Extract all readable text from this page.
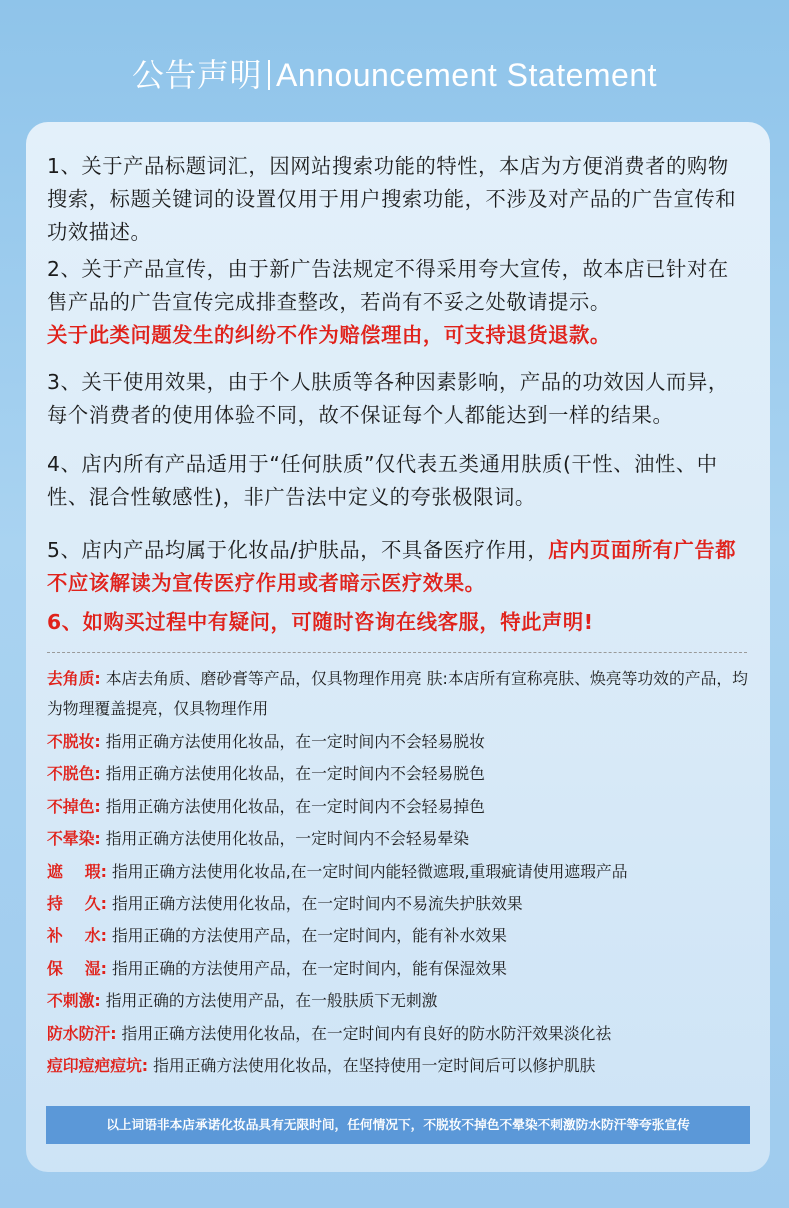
公告声明 Announcement Statement
1、关于产品标题词汇，因网站搜索功能的特性，本店为方便消费者的购物搜索，标题关键词的设置仅用于用户搜索功能，不涉及对产品的广告宣传和功效描述。
2、关于产品宣传，由于新广告法规定不得采用夸大宣传，故本店已针对在售产品的广告宣传完成排查整改，若尚有不妥之处敬请提示。
关于此类问题发生的纠纷不作为赔偿理由，可支持退货退款。
3、关干使用效果，由于个人肤质等各种因素影响，产品的功效因人而异，每个消费者的使用体验不同，故不保证每个人都能达到一样的结果。
4、店内所有产品适用于“任何肤质”仅代表五类通用肤质(干性、油性、中性、混合性敏感性)，非广告法中定义的夸张极限词。
5、店内产品均属于化妆品/护肤品，不具备医疗作用，店内页面所有广告都不应该解读为宣传医疗作用或者暗示医疗效果。
6、如购买过程中有疑问，可随时咨询在线客服，特此声明!
去角质: 本店去角质、磨砂膏等产品，仅具物理作用亮 肤:本店所有宣称亮肤、焕亮等功效的产品，均为物理覆盖提亮，仅具物理作用
不脱妆: 指用正确方法使用化妆品，在一定时间内不会轻易脱妆
不脱色: 指用正确方法使用化妆品，在一定时间内不会轻易脱色
不掉色: 指用正确方法使用化妆品，在一定时间内不会轻易掉色
不晕染: 指用正确方法使用化妆品，一定时间内不会轻易晕染
遮    瑕: 指用正确方法使用化妆品,在一定时间内能轻微遮瑕,重瑕疵请使用遮瑕产品
持    久: 指用正确方法使用化妆品，在一定时间内不易流失护肤效果
补    水: 指用正确的方法使用产品，在一定时间内，能有补水效果
保    湿: 指用正确的方法使用产品，在一定时间内，能有保湿效果
不刺激: 指用正确的方法使用产品，在一般肤质下无刺激
防水防汗: 指用正确方法使用化妆品，在一定时间内有良好的防水防汗效果淡化祛
痘印痘疤痘坑: 指用正确方法使用化妆品，在坚持使用一定时间后可以修护肌肤
以上词语非本店承诺化妆品具有无限时间，任何情况下，不脱妆不掉色不晕染不刺激防水防汗等夸张宣传
